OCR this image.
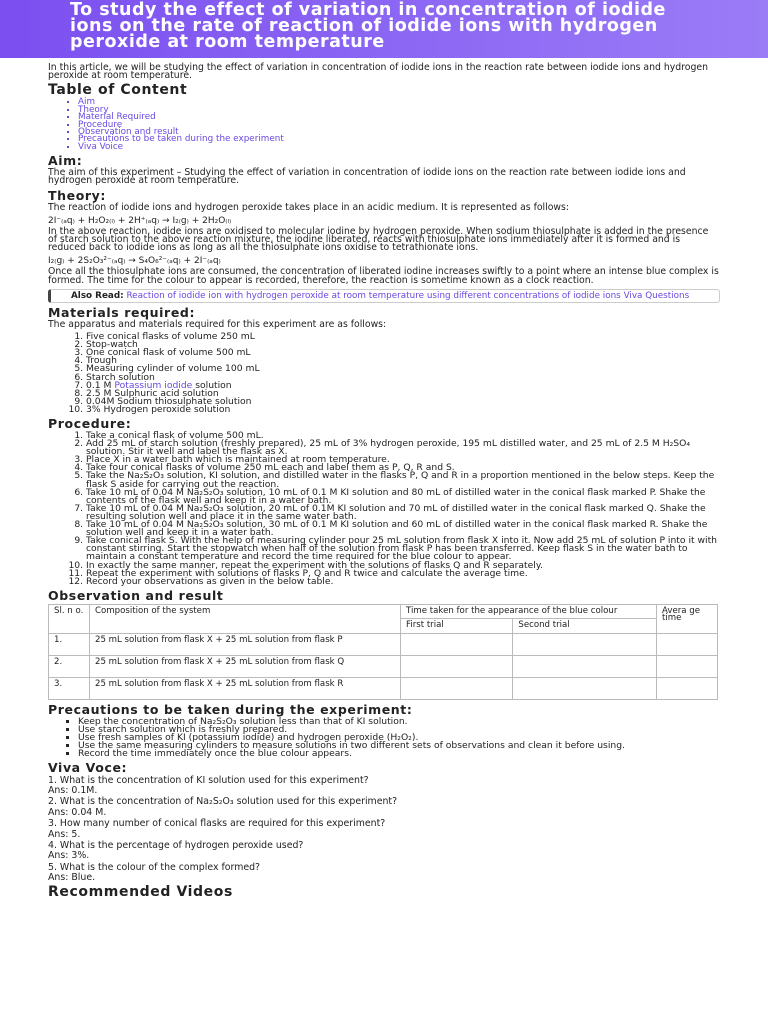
To study the effect of variation in concentration of iodide ions on the rate of reaction of iodide ions with hydrogen peroxide at room temperature

In this article, we will be studying the effect of variation in concentration of iodide ions in the reaction rate between iodide ions and hydrogen peroxide at room temperature.

Table of Content
▪ Aim
▪ Theory
▪ Material Required
▪ Procedure
▪ Observation and result
▪ Precautions to be taken during the experiment
▪ Viva Voice
Aim:

The aim of this experiment – Studying the effect of variation in concentration of iodide ions on the reaction rate between iodide ions and hydrogen peroxide at room temperature.

Theory:

The reaction of iodide ions and hydrogen peroxide takes place in an acidic medium. It is represented as follows:

2I⁻₍ₐq₎ + H₂O₂₍ₗ₎ + 2H⁺₍ₐq₎ → I₂₍g₎ + 2H₂O₍ₗ₎

In the above reaction, iodide ions are oxidised to molecular iodine by hydrogen peroxide. When sodium thiosulphate is added in the presence of starch solution to the above reaction mixture, the iodine liberated, reacts with thiosulphate ions immediately after it is formed and is reduced back to iodide ions as long as all the thiosulphate ions oxidise to tetrathionate ions.

I₂₍g₎ + 2S₂O₃²⁻₍ₐq₎ → S₄O₆²⁻₍ₐq₎ + 2I⁻₍ₐq₎

Once all the thiosulphate ions are consumed, the concentration of liberated iodine increases swiftly to a point where an intense blue complex is formed. The time for the colour to appear is recorded, therefore, the reaction is sometime known as a clock reaction.

Also Read: Reaction of iodide ion with hydrogen peroxide at room temperature using different concentrations of iodide ions Viva Questions
Materials required:

The apparatus and materials required for this experiment are as follows:

1. Five conical flasks of volume 250 mL
2. Stop-watch
3. One conical flask of volume 500 mL
4. Trough
5. Measuring cylinder of volume 100 mL
6. Starch solution
7. 0.1 M Potassium iodide solution
8. 2.5 M Sulphuric acid solution
9. 0.04M Sodium thiosulphate solution
10. 3% Hydrogen peroxide solution
Procedure:
1. Take a conical flask of volume 500 mL.
2. Add 25 mL of starch solution (freshly prepared), 25 mL of 3% hydrogen peroxide, 195 mL distilled water, and 25 mL of 2.5 M H₂SO₄ solution. Stir it well and label the flask as X.
3. Place X in a water bath which is maintained at room temperature.
4. Take four conical flasks of volume 250 mL each and label them as P, Q, R and S.
5. Take the Na₂S₂O₃ solution, KI solution, and distilled water in the flasks P, Q and R in a proportion mentioned in the below steps. Keep the flask S aside for carrying out the reaction.
6. Take 10 mL of 0.04 M Na₂S₂O₃ solution, 10 mL of 0.1 M KI solution and 80 mL of distilled water in the conical flask marked P. Shake the contents of the flask well and keep it in a water bath.
7. Take 10 mL of 0.04 M Na₂S₂O₃ solution, 20 mL of 0.1M KI solution and 70 mL of distilled water in the conical flask marked Q. Shake the resulting solution well and place it in the same water bath.
8. Take 10 mL of 0.04 M Na₂S₂O₃ solution, 30 mL of 0.1 M KI solution and 60 mL of distilled water in the conical flask marked R. Shake the solution well and keep it in a water bath.
9. Take conical flask S. With the help of measuring cylinder pour 25 mL solution from flask X into it. Now add 25 mL of solution P into it with constant stirring. Start the stopwatch when half of the solution from flask P has been transferred. Keep flask S in the water bath to maintain a constant temperature and record the time required for the blue colour to appear.
10. In exactly the same manner, repeat the experiment with the solutions of flasks Q and R separately.
11. Repeat the experiment with solutions of flasks P, Q and R twice and calculate the average time.
12. Record your observations as given in the below table.
Observation and result
Sl. n o.	Composition of the system	Time taken for the appearance of the blue colour		Avera ge time
		First trial	Second trial	
1.	25 mL solution from flask X + 25 mL solution from flask P			
2.	25 mL solution from flask X + 25 mL solution from flask Q			
3.	25 mL solution from flask X + 25 mL solution from flask R			
Precautions to be taken during the experiment:
▪ Keep the concentration of Na₂S₂O₃ solution less than that of KI solution.
▪ Use starch solution which is freshly prepared.
▪ Use fresh samples of KI (potassium iodide) and hydrogen peroxide (H₂O₂).
▪ Use the same measuring cylinders to measure solutions in two different sets of observations and clean it before using.
▪ Record the time immediately once the blue colour appears.
Viva Voce:
1. What is the concentration of KI solution used for this experiment?
Ans: 0.1M.
2. What is the concentration of Na₂S₂O₃ solution used for this experiment?
Ans: 0.04 M.
3. How many number of conical flasks are required for this experiment?
Ans: 5.
4. What is the percentage of hydrogen peroxide used?
Ans: 3%.
5. What is the colour of the complex formed?
Ans: Blue.
Recommended Videos
